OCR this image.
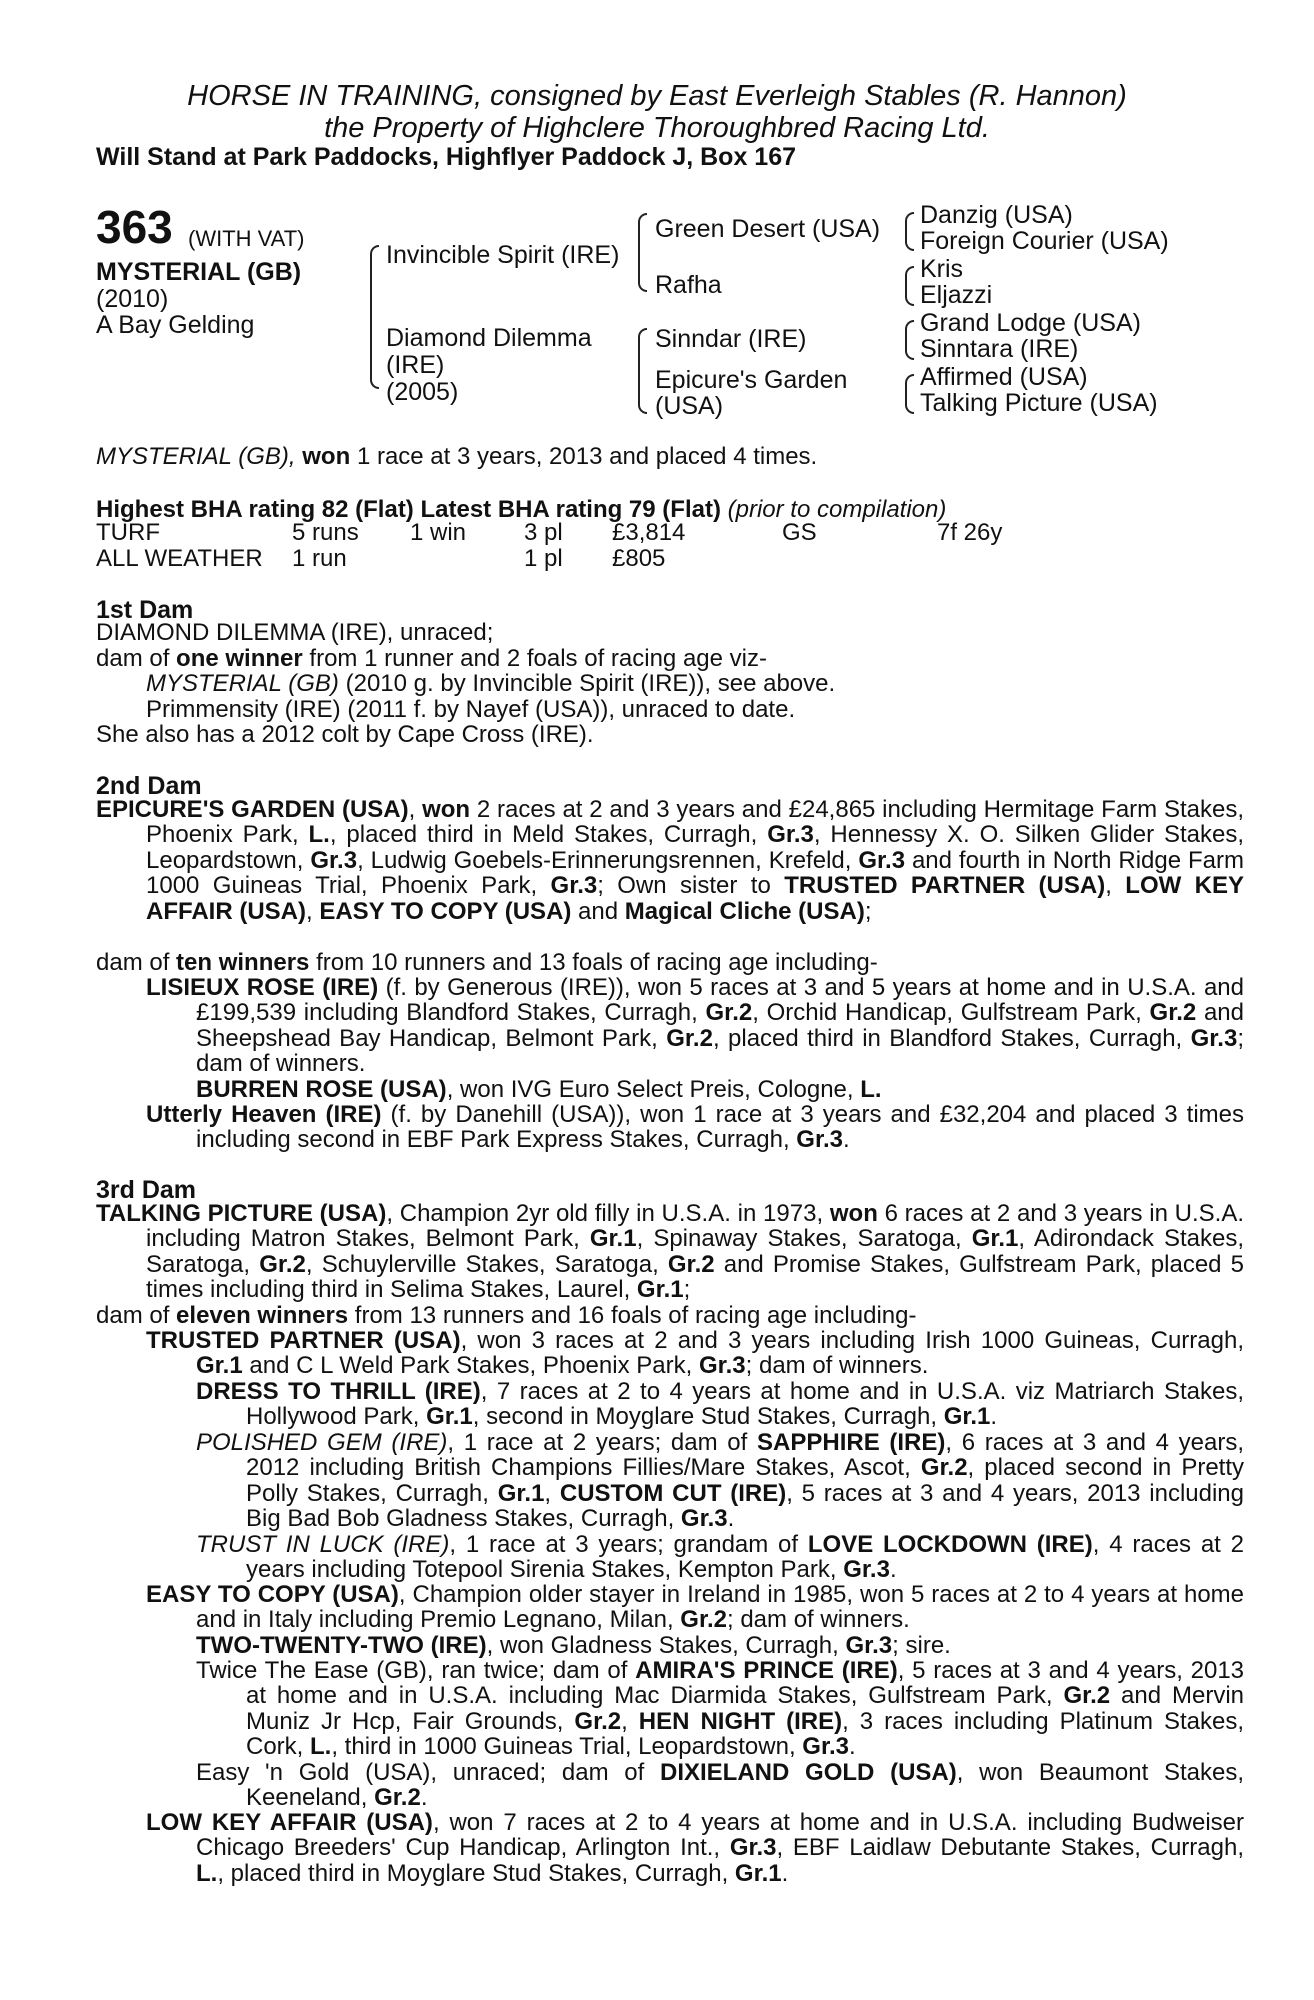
HORSE IN TRAINING, consigned by East Everleigh Stables (R. Hannon)
the Property of Highclere Thoroughbred Racing Ltd.
Will Stand at Park Paddocks, Highflyer Paddock J, Box 167
363 (WITH VAT)
MYSTERIAL (GB)
(2010)
A Bay Gelding
Invincible Spirit (IRE)
Diamond Dilemma
(IRE)
(2005)
Green Desert (USA)
Rafha
Sinndar (IRE)
Epicure's Garden
(USA)
Danzig (USA)
Foreign Courier (USA)
Kris
Eljazzi
Grand Lodge (USA)
Sinntara (IRE)
Affirmed (USA)
Talking Picture (USA)
MYSTERIAL (GB), won 1 race at 3 years, 2013 and placed 4 times.
Highest BHA rating 82 (Flat) Latest BHA rating 79 (Flat) (prior to compilation)
TURF	5 runs 1 win 3 pl £3,814	GS	7f 26y
ALL WEATHER 1 run	1 pl £805
1st Dam
DIAMOND DILEMMA (IRE), unraced;
dam of one winner from 1 runner and 2 foals of racing age viz-
MYSTERIAL (GB) (2010 g. by Invincible Spirit (IRE)), see above.
Primmensity (IRE) (2011 f. by Nayef (USA)), unraced to date.
She also has a 2012 colt by Cape Cross (IRE).
2nd Dam
EPICURE'S GARDEN (USA), won 2 races at 2 and 3 years and £24,865 including Hermitage Farm Stakes, Phoenix Park, L., placed third in Meld Stakes, Curragh, Gr.3, Hennessy X. O. Silken Glider Stakes, Leopardstown, Gr.3, Ludwig Goebels-Erinnerungsrennen, Krefeld, Gr.3 and fourth in North Ridge Farm 1000 Guineas Trial, Phoenix Park, Gr.3; Own sister to TRUSTED PARTNER (USA), LOW KEY AFFAIR (USA), EASY TO COPY (USA) and Magical Cliche (USA);
dam of ten winners from 10 runners and 13 foals of racing age including-
LISIEUX ROSE (IRE) (f. by Generous (IRE)), won 5 races at 3 and 5 years at home and in U.S.A. and £199,539 including Blandford Stakes, Curragh, Gr.2, Orchid Handicap, Gulfstream Park, Gr.2 and Sheepshead Bay Handicap, Belmont Park, Gr.2, placed third in Blandford Stakes, Curragh, Gr.3; dam of winners.
BURREN ROSE (USA), won IVG Euro Select Preis, Cologne, L.
Utterly Heaven (IRE) (f. by Danehill (USA)), won 1 race at 3 years and £32,204 and placed 3 times including second in EBF Park Express Stakes, Curragh, Gr.3.
3rd Dam
TALKING PICTURE (USA), Champion 2yr old filly in U.S.A. in 1973, won 6 races at 2 and 3 years in U.S.A. including Matron Stakes, Belmont Park, Gr.1, Spinaway Stakes, Saratoga, Gr.1, Adirondack Stakes, Saratoga, Gr.2, Schuylerville Stakes, Saratoga, Gr.2 and Promise Stakes, Gulfstream Park, placed 5 times including third in Selima Stakes, Laurel, Gr.1;
dam of eleven winners from 13 runners and 16 foals of racing age including-
TRUSTED PARTNER (USA), won 3 races at 2 and 3 years including Irish 1000 Guineas, Curragh, Gr.1 and C L Weld Park Stakes, Phoenix Park, Gr.3; dam of winners.
DRESS TO THRILL (IRE), 7 races at 2 to 4 years at home and in U.S.A. viz Matriarch Stakes, Hollywood Park, Gr.1, second in Moyglare Stud Stakes, Curragh, Gr.1.
POLISHED GEM (IRE), 1 race at 2 years; dam of SAPPHIRE (IRE), 6 races at 3 and 4 years, 2012 including British Champions Fillies/Mare Stakes, Ascot, Gr.2, placed second in Pretty Polly Stakes, Curragh, Gr.1, CUSTOM CUT (IRE), 5 races at 3 and 4 years, 2013 including Big Bad Bob Gladness Stakes, Curragh, Gr.3.
TRUST IN LUCK (IRE), 1 race at 3 years; grandam of LOVE LOCKDOWN (IRE), 4 races at 2 years including Totepool Sirenia Stakes, Kempton Park, Gr.3.
EASY TO COPY (USA), Champion older stayer in Ireland in 1985, won 5 races at 2 to 4 years at home and in Italy including Premio Legnano, Milan, Gr.2; dam of winners.
TWO-TWENTY-TWO (IRE), won Gladness Stakes, Curragh, Gr.3; sire.
Twice The Ease (GB), ran twice; dam of AMIRA'S PRINCE (IRE), 5 races at 3 and 4 years, 2013 at home and in U.S.A. including Mac Diarmida Stakes, Gulfstream Park, Gr.2 and Mervin Muniz Jr Hcp, Fair Grounds, Gr.2, HEN NIGHT (IRE), 3 races including Platinum Stakes, Cork, L., third in 1000 Guineas Trial, Leopardstown, Gr.3.
Easy 'n Gold (USA), unraced; dam of DIXIELAND GOLD (USA), won Beaumont Stakes, Keeneland, Gr.2.
LOW KEY AFFAIR (USA), won 7 races at 2 to 4 years at home and in U.S.A. including Budweiser Chicago Breeders' Cup Handicap, Arlington Int., Gr.3, EBF Laidlaw Debutante Stakes, Curragh, L., placed third in Moyglare Stud Stakes, Curragh, Gr.1.
